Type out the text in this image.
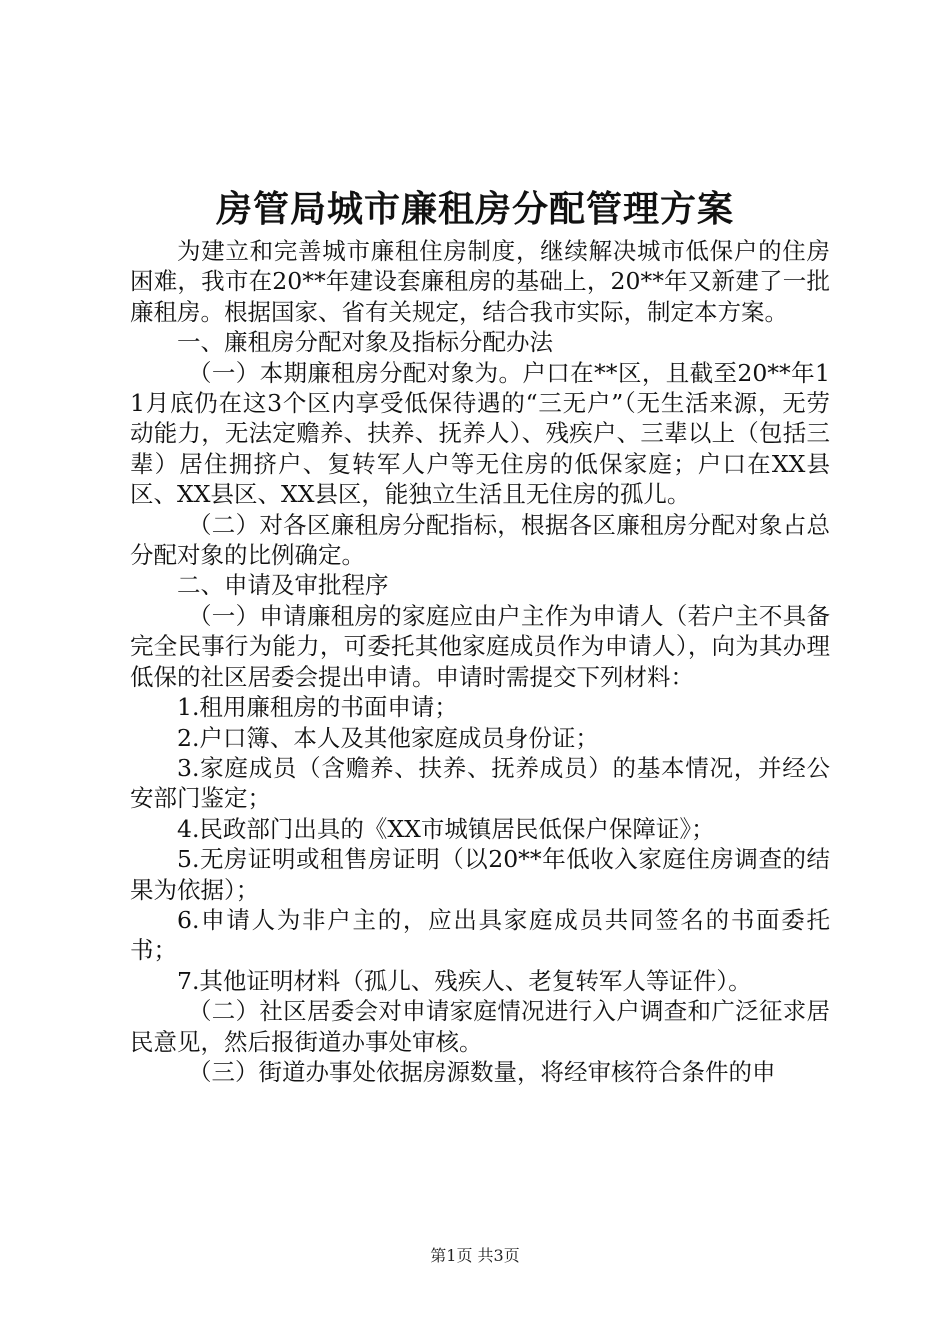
房管局城市廉租房分配管理方案

为建立和完善城市廉租住房制度，继续解决城市低保户的住房困难，我市在20**年建设套廉租房的基础上，20**年又新建了一批廉租房。根据国家、省有关规定，结合我市实际，制定本方案。

一、廉租房分配对象及指标分配办法

（一）本期廉租房分配对象为。户口在**区，且截至20**年11月底仍在这3个区内享受低保待遇的“三无户”（无生活来源，无劳动能力，无法定赡养、扶养、抚养人）、残疾户、三辈以上（包括三辈）居住拥挤户、复转军人户等无住房的低保家庭；户口在XX县区、XX县区、XX县区，能独立生活且无住房的孤儿。

（二）对各区廉租房分配指标，根据各区廉租房分配对象占总分配对象的比例确定。

二、申请及审批程序

（一）申请廉租房的家庭应由户主作为申请人（若户主不具备完全民事行为能力，可委托其他家庭成员作为申请人），向为其办理低保的社区居委会提出申请。申请时需提交下列材料：

1.租用廉租房的书面申请；

2.户口簿、本人及其他家庭成员身份证；

3.家庭成员（含赡养、扶养、抚养成员）的基本情况，并经公安部门鉴定；

4.民政部门出具的《XX市城镇居民低保户保障证》；

5.无房证明或租售房证明（以20**年低收入家庭住房调查的结果为依据）；

6.申请人为非户主的，应出具家庭成员共同签名的书面委托书；

7.其他证明材料（孤儿、残疾人、老复转军人等证件）。

（二）社区居委会对申请家庭情况进行入户调查和广泛征求居民意见，然后报街道办事处审核。

（三）街道办事处依据房源数量，将经审核符合条件的申

第1页 共3页
